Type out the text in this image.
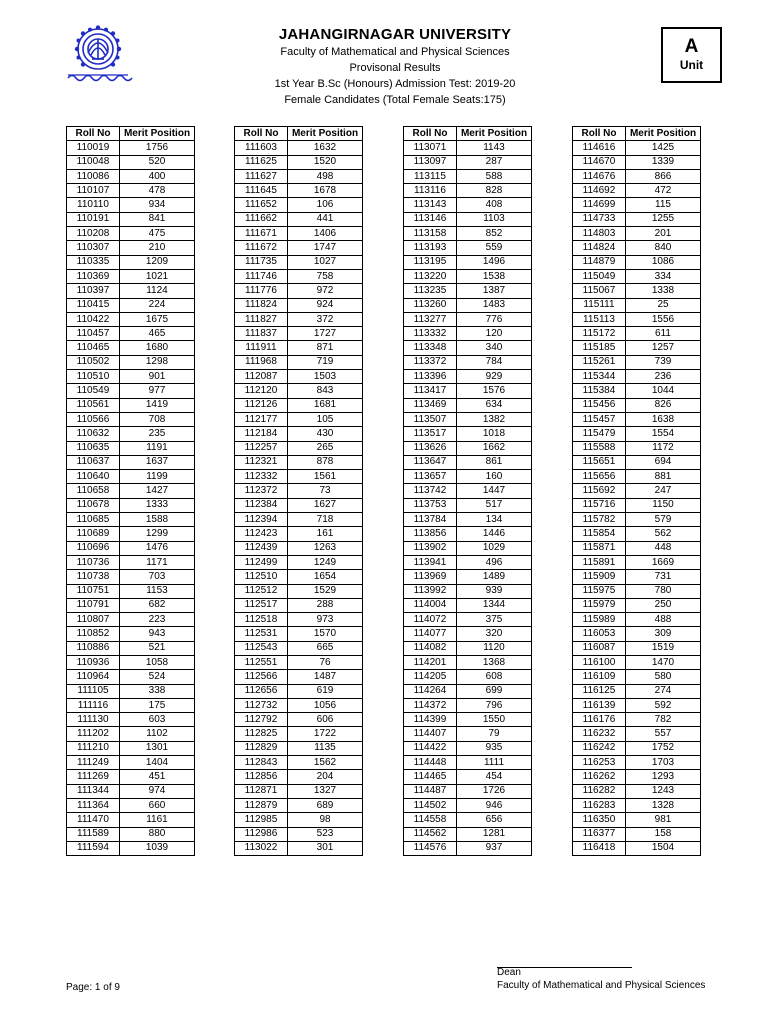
JAHANGIRNAGAR UNIVERSITY
Faculty of Mathematical and Physical Sciences
Provisonal Results
1st Year B.Sc (Honours) Admission Test: 2019-20
Female Candidates (Total Female Seats:175)
A
Unit
Roll No	Merit Position
110019	1756
110048	520
110086	400
110107	478
110110	934
110191	841
110208	475
110307	210
110335	1209
110369	1021
110397	1124
110415	224
110422	1675
110457	465
110465	1680
110502	1298
110510	901
110549	977
110561	1419
110566	708
110632	235
110635	1191
110637	1637
110640	1199
110658	1427
110678	1333
110685	1588
110689	1299
110696	1476
110736	1171
110738	703
110751	1153
110791	682
110807	223
110852	943
110886	521
110936	1058
110964	524
111105	338
111116	175
111130	603
111202	1102
111210	1301
111249	1404
111269	451
111344	974
111364	660
111470	1161
111589	880
111594	1039
Roll No	Merit Position
111603	1632
111625	1520
111627	498
111645	1678
111652	106
111662	441
111671	1406
111672	1747
111735	1027
111746	758
111776	972
111824	924
111827	372
111837	1727
111911	871
111968	719
112087	1503
112120	843
112126	1681
112177	105
112184	430
112257	265
112321	878
112332	1561
112372	73
112384	1627
112394	718
112423	161
112439	1263
112499	1249
112510	1654
112512	1529
112517	288
112518	973
112531	1570
112543	665
112551	76
112566	1487
112656	619
112732	1056
112792	606
112825	1722
112829	1135
112843	1562
112856	204
112871	1327
112879	689
112985	98
112986	523
113022	301
Roll No	Merit Position
113071	1143
113097	287
113115	588
113116	828
113143	408
113146	1103
113158	852
113193	559
113195	1496
113220	1538
113235	1387
113260	1483
113277	776
113332	120
113348	340
113372	784
113396	929
113417	1576
113469	634
113507	1382
113517	1018
113626	1662
113647	861
113657	160
113742	1447
113753	517
113784	134
113856	1446
113902	1029
113941	496
113969	1489
113992	939
114004	1344
114072	375
114077	320
114082	1120
114201	1368
114205	608
114264	699
114372	796
114399	1550
114407	79
114422	935
114448	1111
114465	454
114487	1726
114502	946
114558	656
114562	1281
114576	937
Roll No	Merit Position
114616	1425
114670	1339
114676	866
114692	472
114699	115
114733	1255
114803	201
114824	840
114879	1086
115049	334
115067	1338
115111	25
115113	1556
115172	611
115185	1257
115261	739
115344	236
115384	1044
115456	826
115457	1638
115479	1554
115588	1172
115651	694
115656	881
115692	247
115716	1150
115782	579
115854	562
115871	448
115891	1669
115909	731
115975	780
115979	250
115989	488
116053	309
116087	1519
116100	1470
116109	580
116125	274
116139	592
116176	782
116232	557
116242	1752
116253	1703
116262	1293
116282	1243
116283	1328
116350	981
116377	158
116418	1504
Page: 1 of 9
Dean
Faculty of Mathematical and Physical Sciences
